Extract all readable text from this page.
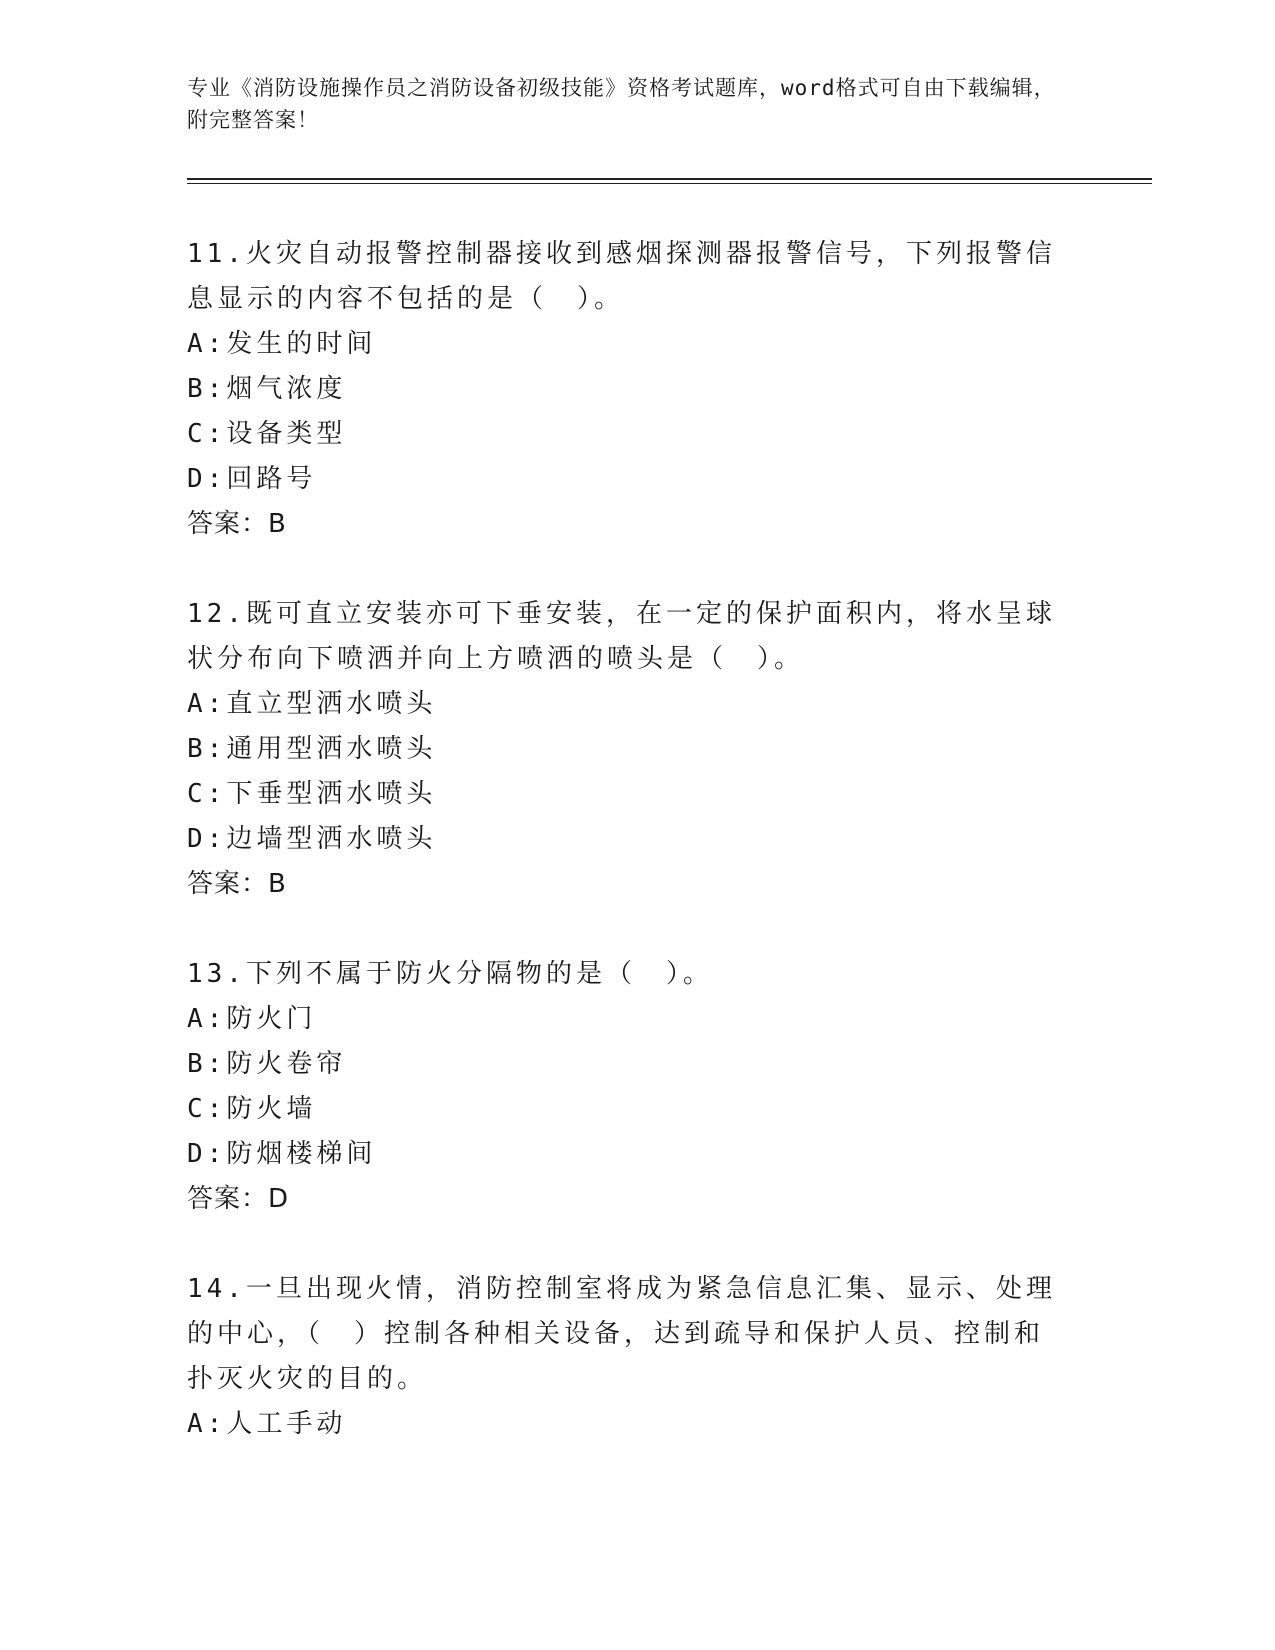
专业《消防设施操作员之消防设备初级技能》资格考试题库，word格式可自由下载编辑，附完整答案！

11.火灾自动报警控制器接收到感烟探测器报警信号，下列报警信息显示的内容不包括的是（　）。

A: 发生的时间

B: 烟气浓度

C: 设备类型

D: 回路号

答案：B

12.既可直立安装亦可下垂安装，在一定的保护面积内，将水呈球状分布向下喷洒并向上方喷洒的喷头是（　）。

A: 直立型洒水喷头

B: 通用型洒水喷头

C: 下垂型洒水喷头

D: 边墙型洒水喷头

答案：B

13.下列不属于防火分隔物的是（　）。

A: 防火门

B: 防火卷帘

C: 防火墙

D: 防烟楼梯间

答案：D

14.一旦出现火情，消防控制室将成为紧急信息汇集、显示、处理的中心，（　）控制各种相关设备，达到疏导和保护人员、控制和扑灭火灾的目的。

A: 人工手动
